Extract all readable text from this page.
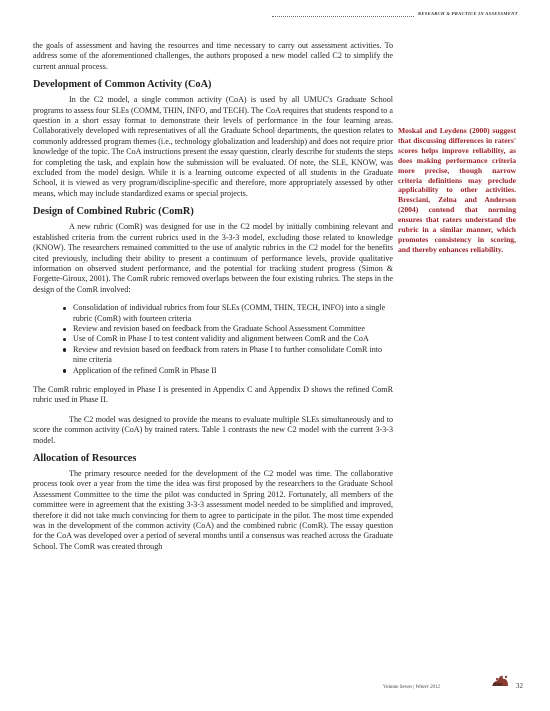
RESEARCH & PRACTICE IN ASSESSMENT

the goals of assessment and having the resources and time necessary to carry out assessment activities. To address some of the aforementioned challenges, the authors proposed a new model called C2 to simplify the current annual process.

Development of Common Activity (CoA)

In the C2 model, a single common activity (CoA) is used by all UMUC's Graduate School programs to assess four SLEs (COMM, THIN, INFO, and TECH). The CoA requires that students respond to a question in a short essay format to demonstrate their levels of performance in the four learning areas. Collaboratively developed with representatives of all the Graduate School departments, the question relates to commonly addressed program themes (i.e., technology globalization and leadership) and does not require prior knowledge of the topic. The CoA instructions present the essay question, clearly describe for students the steps for completing the task, and explain how the submission will be evaluated. Of note, the SLE, KNOW, was excluded from the model design. While it is a learning outcome expected of all students in the Graduate School, it is viewed as very program/discipline-specific and therefore, more appropriately assessed by other means, which may include standardized exams or special projects.

Design of Combined Rubric (ComR)

A new rubric (ComR) was designed for use in the C2 model by initially combining relevant and established criteria from the current rubrics used in the 3-3-3 model, excluding those related to knowledge (KNOW). The researchers remained committed to the use of analytic rubrics in the C2 model for the benefits cited previously, including their ability to present a continuum of performance levels, provide qualitative information on observed student performance, and the potential for tracking student progress (Simon & Forgette-Giroux, 2001). The ComR rubric removed overlaps between the four existing rubrics. The steps in the design of the ComR involved:

Consolidation of individual rubrics from four SLEs (COMM, THIN, TECH, INFO) into a single rubric (ComR) with fourteen criteria
Review and revision based on feedback from the Graduate School Assessment Committee
Use of ComR in Phase I to test content validity and alignment between ComR and the CoA
Review and revision based on feedback from raters in Phase I to further consolidate ComR into nine criteria
Application of the refined ComR in Phase II

The ComR rubric employed in Phase I is presented in Appendix C and Appendix D shows the refined ComR rubric used in Phase II.

The C2 model was designed to provide the means to evaluate multiple SLEs simultaneously and to score the common activity (CoA) by trained raters. Table 1 contrasts the new C2 model with the current 3-3-3 model.

Allocation of Resources

The primary resource needed for the development of the C2 model was time. The collaborative process took over a year from the time the idea was first proposed by the researchers to the Graduate School Assessment Committee to the time the pilot was conducted in Spring 2012. Fortunately, all members of the committee were in agreement that the existing 3-3-3 assessment model needed to be simplified and improved, therefore it did not take much convincing for them to agree to participate in the pilot. The most time expended was in the development of the common activity (CoA) and the combined rubric (ComR). The essay question for the CoA was developed over a period of several months until a consensus was reached across the Graduate School. The ComR was created through

Moskal and Leydens (2000) suggest that discussing differences in raters' scores helps improve reliability, as does making performance criteria more precise, though narrow criteria definitions may preclude applicability to other activities. Bresciani, Zelna and Anderson (2004) contend that norming ensures that raters understand the rubric in a similar manner, which promotes consistency in scoring, and thereby enhances reliability.
Volume Seven | Winter 2012
RPA 32
